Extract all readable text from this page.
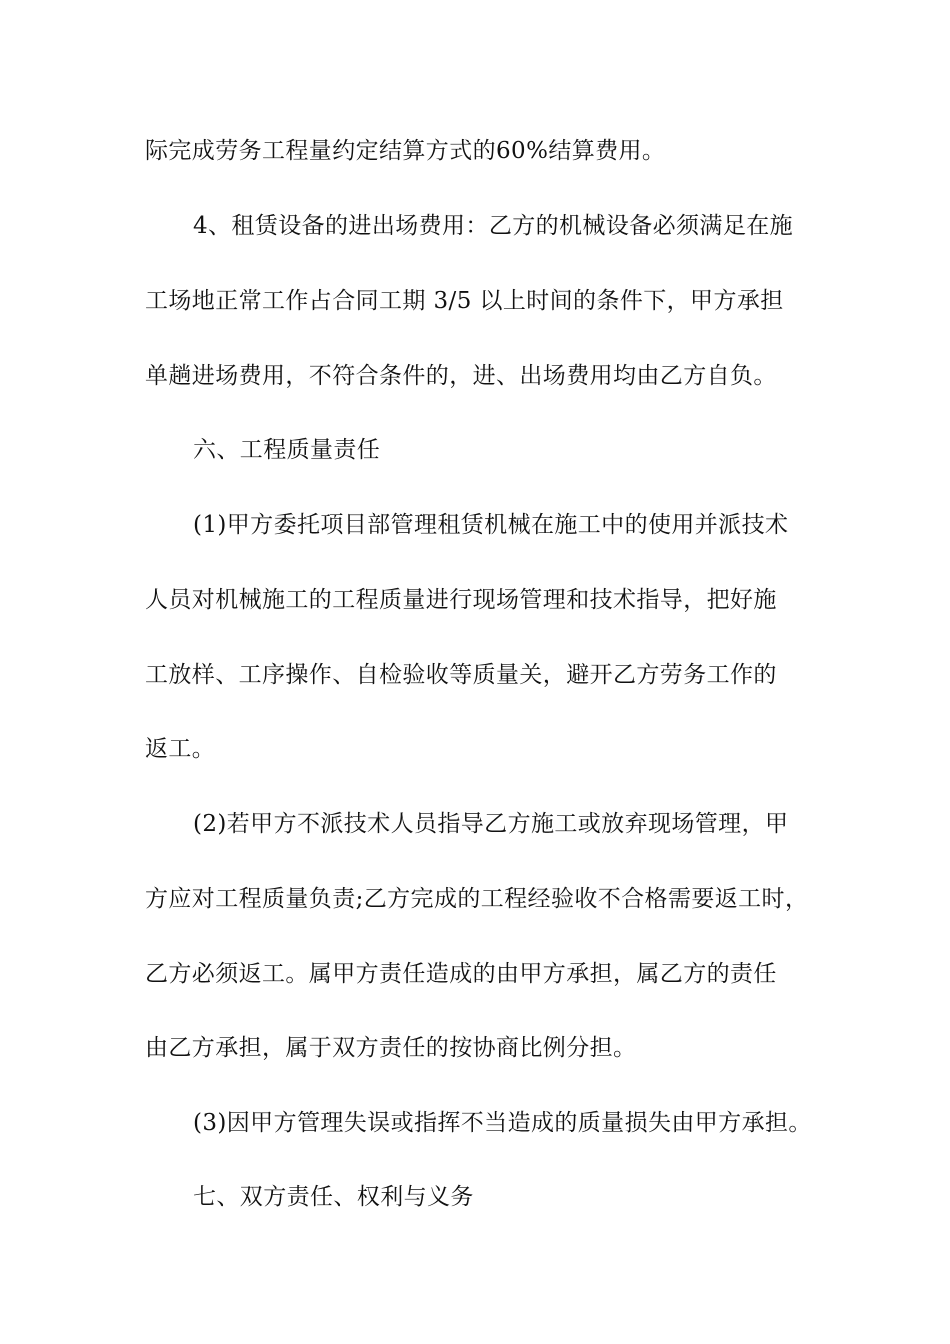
际完成劳务工程量约定结算方式的60%结算费用。
4、租赁设备的进出场费用：乙方的机械设备必须满足在施
工场地正常工作占合同工期 3/5 以上时间的条件下，甲方承担
单趟进场费用，不符合条件的，进、出场费用均由乙方自负。
六、工程质量责任
(1)甲方委托项目部管理租赁机械在施工中的使用并派技术
人员对机械施工的工程质量进行现场管理和技术指导，把好施
工放样、工序操作、自检验收等质量关，避开乙方劳务工作的
返工。
(2)若甲方不派技术人员指导乙方施工或放弃现场管理，甲
方应对工程质量负责;乙方完成的工程经验收不合格需要返工时，
乙方必须返工。属甲方责任造成的由甲方承担，属乙方的责任
由乙方承担，属于双方责任的按协商比例分担。
(3)因甲方管理失误或指挥不当造成的质量损失由甲方承担。
七、双方责任、权利与义务
